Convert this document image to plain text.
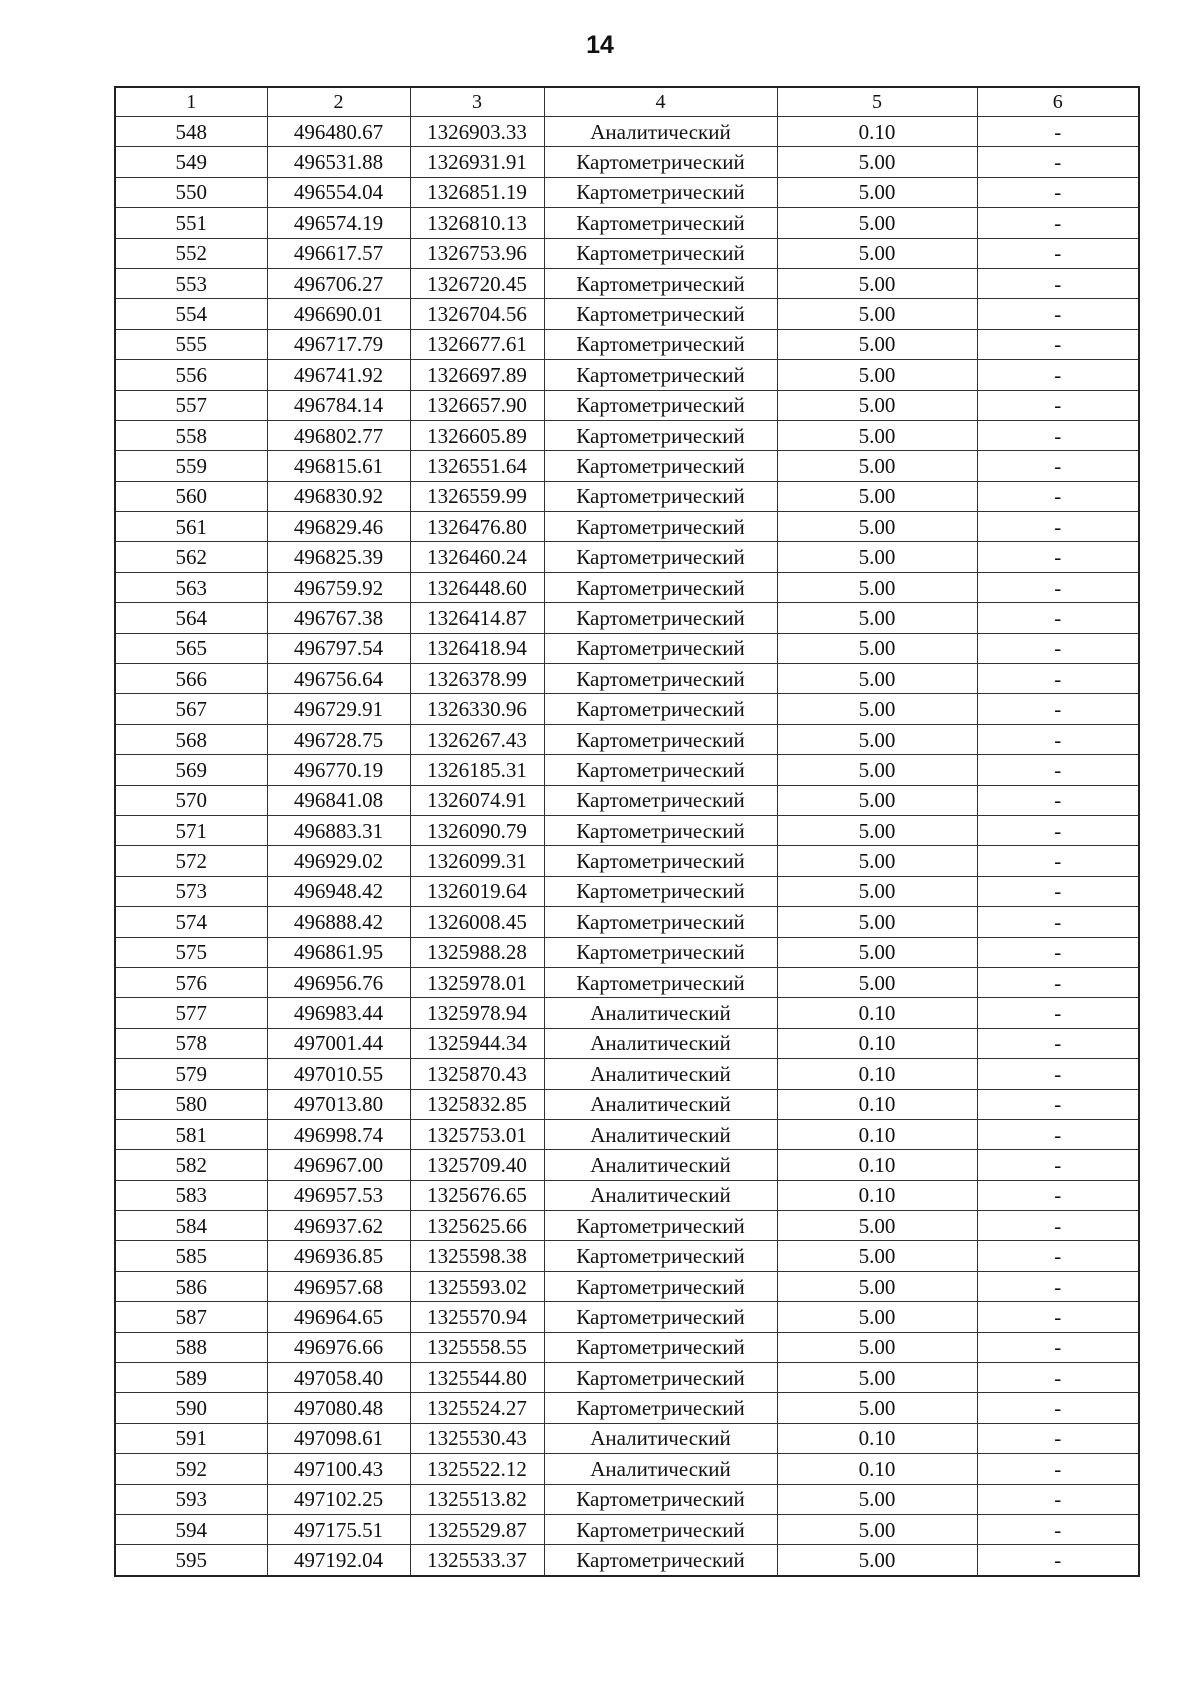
14
1	2	3	4	5	6
548	496480.67	1326903.33	Аналитический	0.10	-
549	496531.88	1326931.91	Картометрический	5.00	-
550	496554.04	1326851.19	Картометрический	5.00	-
551	496574.19	1326810.13	Картометрический	5.00	-
552	496617.57	1326753.96	Картометрический	5.00	-
553	496706.27	1326720.45	Картометрический	5.00	-
554	496690.01	1326704.56	Картометрический	5.00	-
555	496717.79	1326677.61	Картометрический	5.00	-
556	496741.92	1326697.89	Картометрический	5.00	-
557	496784.14	1326657.90	Картометрический	5.00	-
558	496802.77	1326605.89	Картометрический	5.00	-
559	496815.61	1326551.64	Картометрический	5.00	-
560	496830.92	1326559.99	Картометрический	5.00	-
561	496829.46	1326476.80	Картометрический	5.00	-
562	496825.39	1326460.24	Картометрический	5.00	-
563	496759.92	1326448.60	Картометрический	5.00	-
564	496767.38	1326414.87	Картометрический	5.00	-
565	496797.54	1326418.94	Картометрический	5.00	-
566	496756.64	1326378.99	Картометрический	5.00	-
567	496729.91	1326330.96	Картометрический	5.00	-
568	496728.75	1326267.43	Картометрический	5.00	-
569	496770.19	1326185.31	Картометрический	5.00	-
570	496841.08	1326074.91	Картометрический	5.00	-
571	496883.31	1326090.79	Картометрический	5.00	-
572	496929.02	1326099.31	Картометрический	5.00	-
573	496948.42	1326019.64	Картометрический	5.00	-
574	496888.42	1326008.45	Картометрический	5.00	-
575	496861.95	1325988.28	Картометрический	5.00	-
576	496956.76	1325978.01	Картометрический	5.00	-
577	496983.44	1325978.94	Аналитический	0.10	-
578	497001.44	1325944.34	Аналитический	0.10	-
579	497010.55	1325870.43	Аналитический	0.10	-
580	497013.80	1325832.85	Аналитический	0.10	-
581	496998.74	1325753.01	Аналитический	0.10	-
582	496967.00	1325709.40	Аналитический	0.10	-
583	496957.53	1325676.65	Аналитический	0.10	-
584	496937.62	1325625.66	Картометрический	5.00	-
585	496936.85	1325598.38	Картометрический	5.00	-
586	496957.68	1325593.02	Картометрический	5.00	-
587	496964.65	1325570.94	Картометрический	5.00	-
588	496976.66	1325558.55	Картометрический	5.00	-
589	497058.40	1325544.80	Картометрический	5.00	-
590	497080.48	1325524.27	Картометрический	5.00	-
591	497098.61	1325530.43	Аналитический	0.10	-
592	497100.43	1325522.12	Аналитический	0.10	-
593	497102.25	1325513.82	Картометрический	5.00	-
594	497175.51	1325529.87	Картометрический	5.00	-
595	497192.04	1325533.37	Картометрический	5.00	-
